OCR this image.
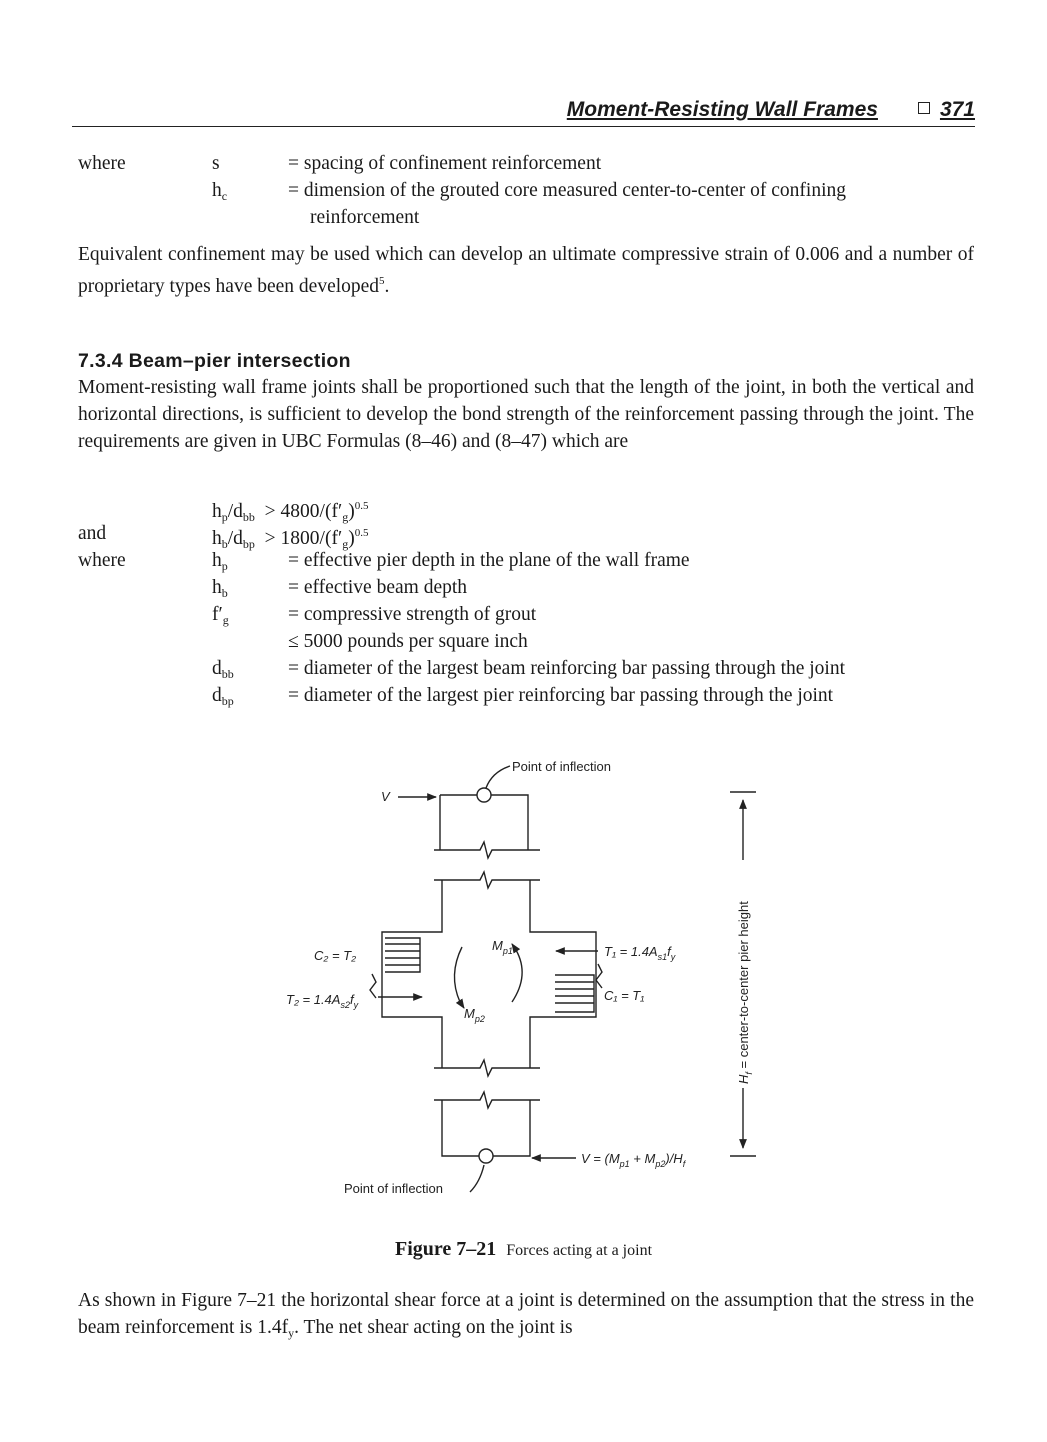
Moment-Resisting Wall Frames	371
where	s	= spacing of confinement reinforcement
$h_c$	= dimension of the grouted core measured center-to-center of confining
reinforcement
Equivalent confinement may be used which can develop an ultimate compressive strain of 0.006 and a number of proprietary types have been developed$^5$.
7.3.4 Beam–pier intersection
Moment-resisting wall frame joints shall be proportioned such that the length of the joint, in both the vertical and horizontal directions, is sufficient to develop the bond strength of the reinforcement passing through the joint. The requirements are given in UBC Formulas (8–46) and (8–47) which are
$h_p/d_{bb} > 4800/(f'_g)^{0.5}$
and	$h_b/d_{bp} > 1800/(f'_g)^{0.5}$
where	$h_p$	= effective pier depth in the plane of the wall frame
$h_b$	= effective beam depth
$f'_g$	= compressive strength of grout
≤ 5000 pounds per square inch
$d_{bb}$	= diameter of the largest beam reinforcing bar passing through the joint
$d_{bp}$	= diameter of the largest pier reinforcing bar passing through the joint
Point of inflection
V
C₂ = T₂
$T_2 = 1.4A_{s2}f_y$
$M_{p1}$
$M_{p2}$
$T_1 = 1.4A_{s1}f_y$
C₁ = T₁
$V = (M_{p1} + M_{p2})/H_f$
Point of inflection
$H_f$ = center-to-center pier height
Figure 7–21 Forces acting at a joint
As shown in Figure 7–21 the horizontal shear force at a joint is determined on the assumption that the stress in the beam reinforcement is $1.4f_y$. The net shear acting on the joint is
